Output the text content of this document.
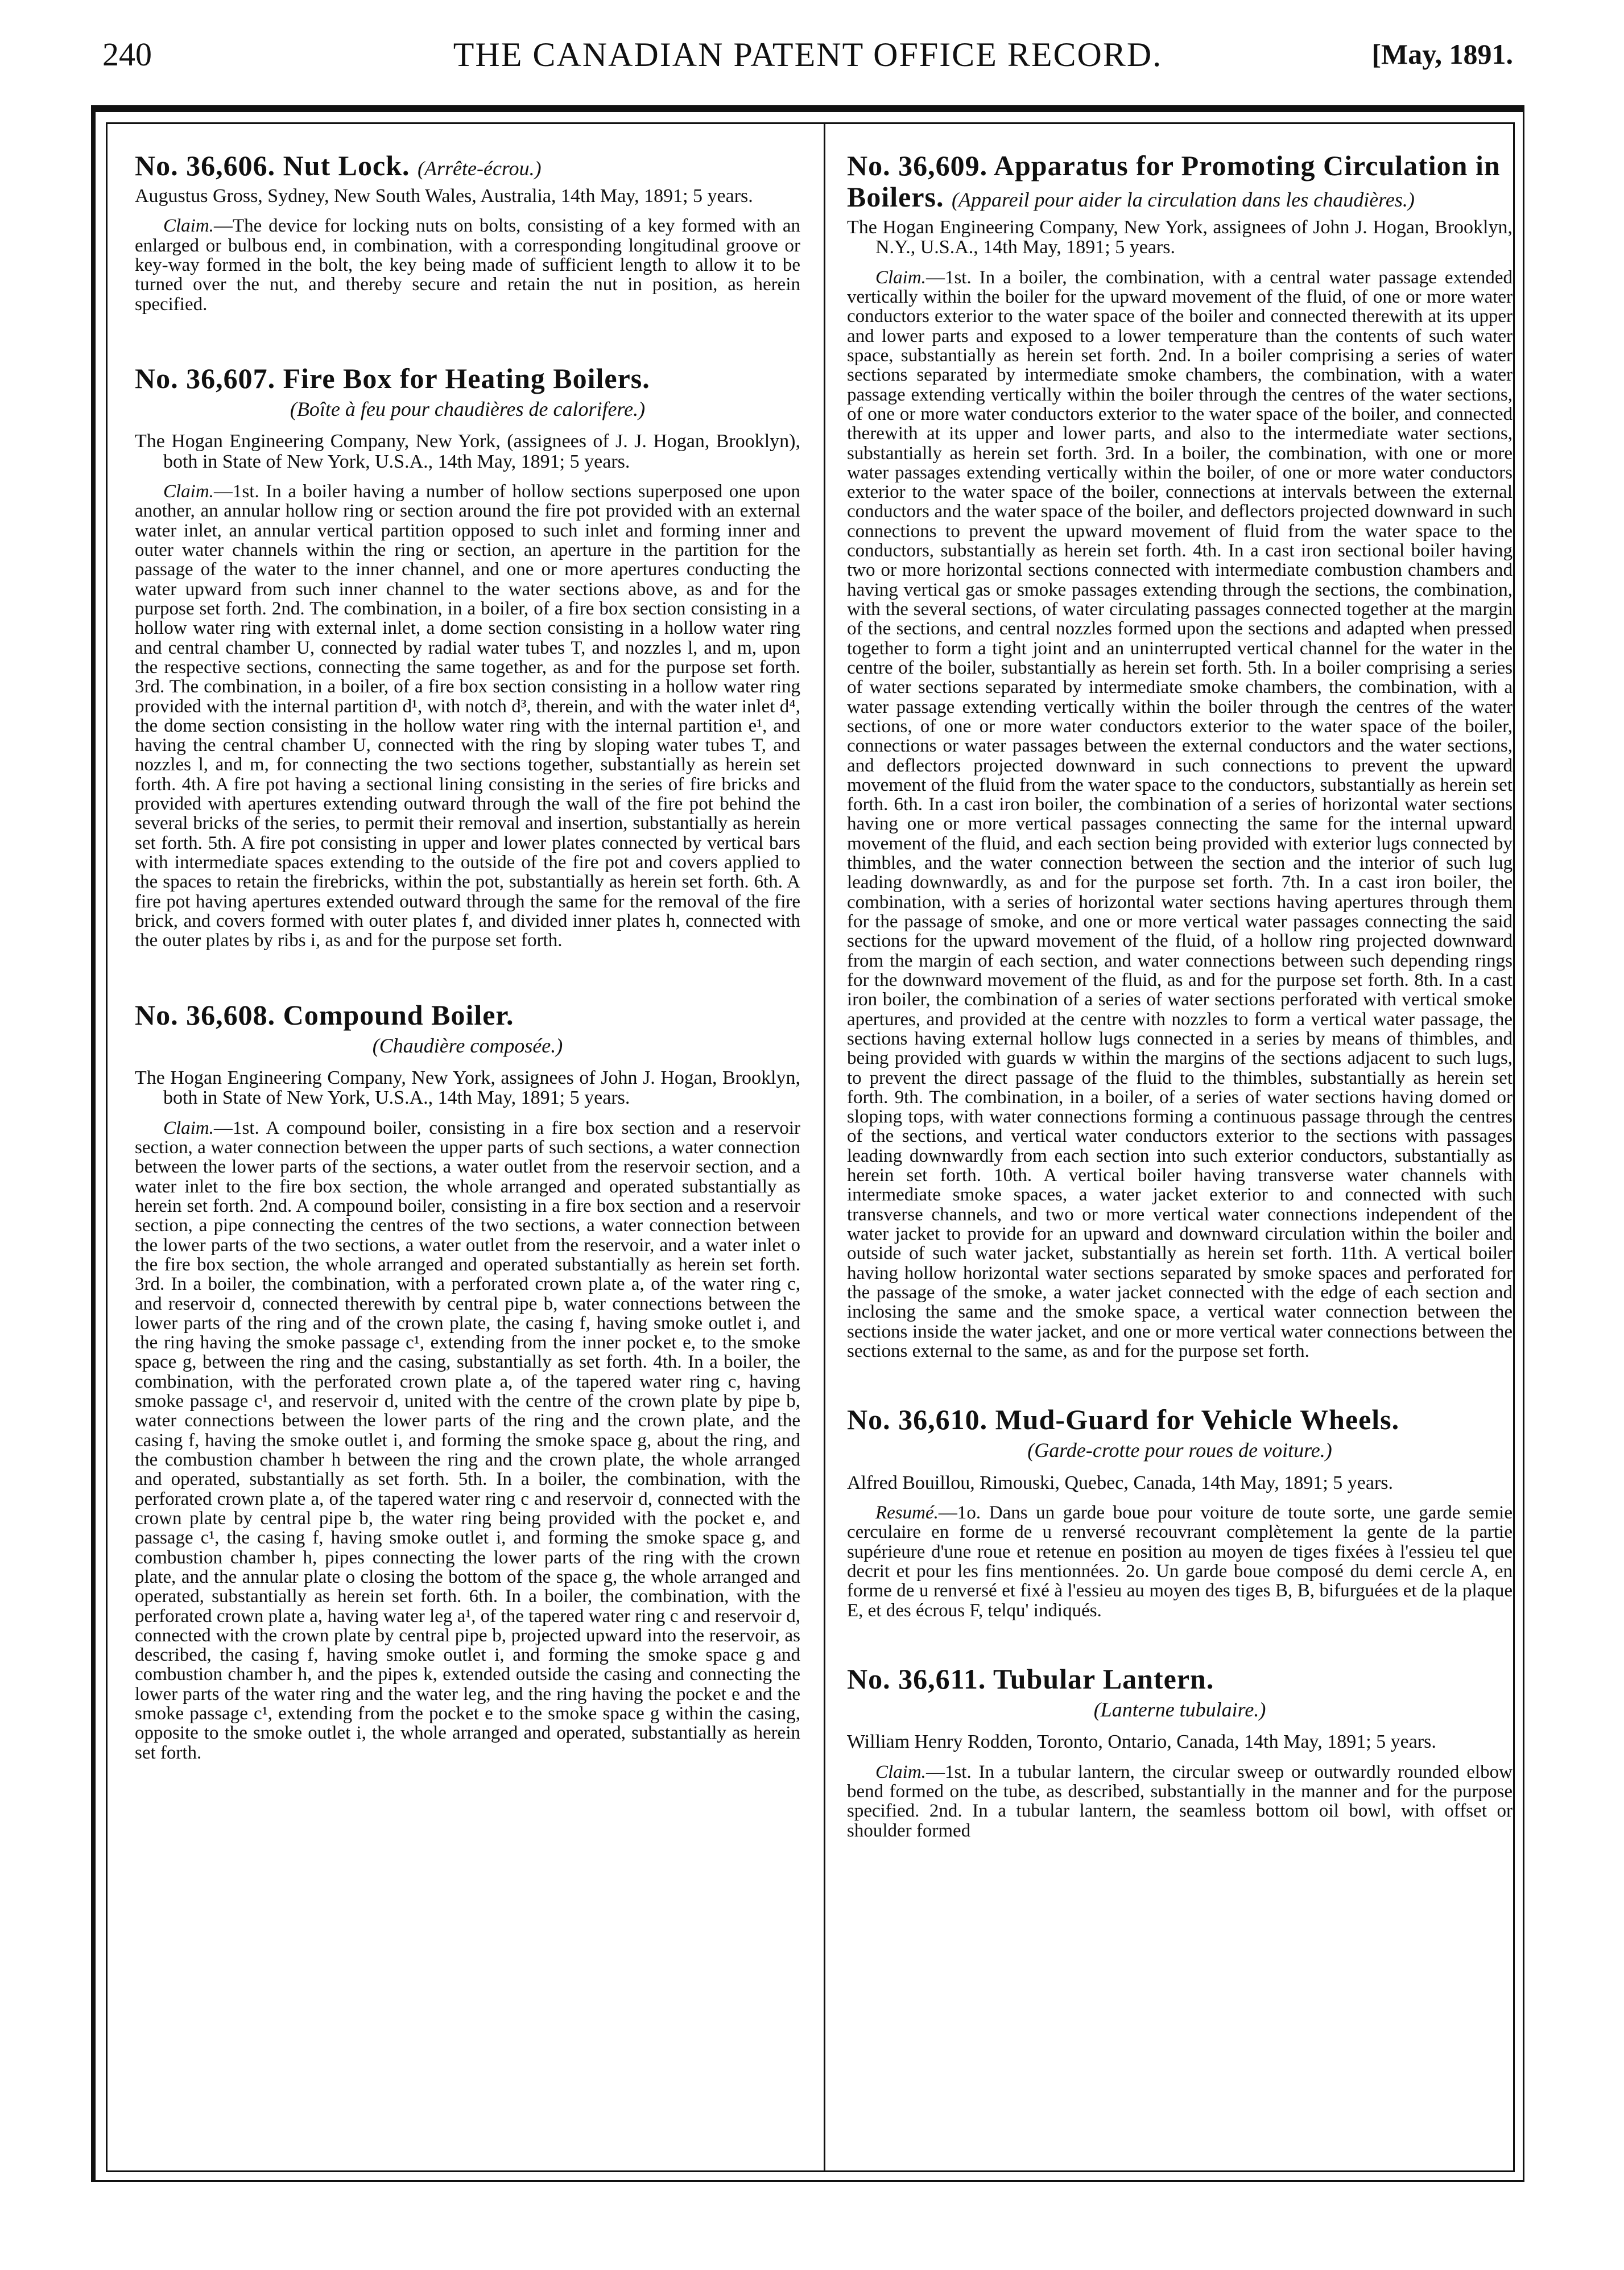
240	THE CANADIAN PATENT OFFICE RECORD.	[May, 1891.
No. 36,606. Nut Lock. (Arrête-écrou.)

Augustus Gross, Sydney, New South Wales, Australia, 14th May, 1891; 5 years.

Claim.—The device for locking nuts on bolts, consisting of a key formed with an enlarged or bulbous end, in combination, with a corresponding longitudinal groove or key-way formed in the bolt, the key being made of sufficient length to allow it to be turned over the nut, and thereby secure and retain the nut in position, as herein specified.

No. 36,607. Fire Box for Heating Boilers.

(Boîte à feu pour chaudières de calorifere.)

The Hogan Engineering Company, New York, (assignees of J. J. Hogan, Brooklyn), both in State of New York, U.S.A., 14th May, 1891; 5 years.

Claim.—1st. In a boiler having a number of hollow sections superposed one upon another, an annular hollow ring or section around the fire pot provided with an external water inlet, an annular vertical partition opposed to such inlet and forming inner and outer water channels within the ring or section, an aperture in the partition for the passage of the water to the inner channel, and one or more apertures conducting the water upward from such inner channel to the water sections above, as and for the purpose set forth. 2nd. The combination, in a boiler, of a fire box section consisting in a hollow water ring with external inlet, a dome section consisting in a hollow water ring and central chamber U, connected by radial water tubes T, and nozzles l, and m, upon the respective sections, connecting the same together, as and for the purpose set forth. 3rd. The combination, in a boiler, of a fire box section consisting in a hollow water ring provided with the internal partition d¹, with notch d³, therein, and with the water inlet d⁴, the dome section consisting in the hollow water ring with the internal partition e¹, and having the central chamber U, connected with the ring by sloping water tubes T, and nozzles l, and m, for connecting the two sections together, substantially as herein set forth. 4th. A fire pot having a sectional lining consisting in the series of fire bricks and provided with apertures extending outward through the wall of the fire pot behind the several bricks of the series, to permit their removal and insertion, substantially as herein set forth. 5th. A fire pot consisting in upper and lower plates connected by vertical bars with intermediate spaces extending to the outside of the fire pot and covers applied to the spaces to retain the firebricks, within the pot, substantially as herein set forth. 6th. A fire pot having apertures extended outward through the same for the removal of the fire brick, and covers formed with outer plates f, and divided inner plates h, connected with the outer plates by ribs i, as and for the purpose set forth.

No. 36,608. Compound Boiler.

(Chaudière composée.)

The Hogan Engineering Company, New York, assignees of John J. Hogan, Brooklyn, both in State of New York, U.S.A., 14th May, 1891; 5 years.

Claim.—1st. A compound boiler, consisting in a fire box section and a reservoir section, a water connection between the upper parts of such sections, a water connection between the lower parts of the sections, a water outlet from the reservoir section, and a water inlet to the fire box section, the whole arranged and operated substantially as herein set forth. 2nd. A compound boiler, consisting in a fire box section and a reservoir section, a pipe connecting the centres of the two sections, a water connection between the lower parts of the two sections, a water outlet from the reservoir, and a water inlet o the fire box section, the whole arranged and operated substantially as herein set forth. 3rd. In a boiler, the combination, with a perforated crown plate a, of the water ring c, and reservoir d, connected therewith by central pipe b, water connections between the lower parts of the ring and of the crown plate, the casing f, having smoke outlet i, and the ring having the smoke passage c¹, extending from the inner pocket e, to the smoke space g, between the ring and the casing, substantially as set forth. 4th. In a boiler, the combination, with the perforated crown plate a, of the tapered water ring c, having smoke passage c¹, and reservoir d, united with the centre of the crown plate by pipe b, water connections between the lower parts of the ring and the crown plate, and the casing f, having the smoke outlet i, and forming the smoke space g, about the ring, and the combustion chamber h between the ring and the crown plate, the whole arranged and operated, substantially as set forth. 5th. In a boiler, the combination, with the perforated crown plate a, of the tapered water ring c and reservoir d, connected with the crown plate by central pipe b, the water ring being provided with the pocket e, and passage c¹, the casing f, having smoke outlet i, and forming the smoke space g, and combustion chamber h, pipes connecting the lower parts of the ring with the crown plate, and the annular plate o closing the bottom of the space g, the whole arranged and operated, substantially as herein set forth. 6th. In a boiler, the combination, with the perforated crown plate a, having water leg a¹, of the tapered water ring c and reservoir d, connected with the crown plate by central pipe b, projected upward into the reservoir, as described, the casing f, having smoke outlet i, and forming the smoke space g and combustion chamber h, and the pipes k, extended outside the casing and connecting the lower parts of the water ring and the water leg, and the ring having the pocket e and the smoke passage c¹, extending from the pocket e to the smoke space g within the casing, opposite to the smoke outlet i, the whole arranged and operated, substantially as herein set forth.

No. 36,609. Apparatus for Promoting Circulation in Boilers. (Appareil pour aider la circulation dans les chaudières.)

The Hogan Engineering Company, New York, assignees of John J. Hogan, Brooklyn, N.Y., U.S.A., 14th May, 1891; 5 years.

Claim.—1st. In a boiler, the combination, with a central water passage extended vertically within the boiler for the upward movement of the fluid, of one or more water conductors exterior to the water space of the boiler and connected therewith at its upper and lower parts and exposed to a lower temperature than the contents of such water space, substantially as herein set forth. 2nd. In a boiler comprising a series of water sections separated by intermediate smoke chambers, the combination, with a water passage extending vertically within the boiler through the centres of the water sections, of one or more water conductors exterior to the water space of the boiler, and connected therewith at its upper and lower parts, and also to the intermediate water sections, substantially as herein set forth. 3rd. In a boiler, the combination, with one or more water passages extending vertically within the boiler, of one or more water conductors exterior to the water space of the boiler, connections at intervals between the external conductors and the water space of the boiler, and deflectors projected downward in such connections to prevent the upward movement of fluid from the water space to the conductors, substantially as herein set forth. 4th. In a cast iron sectional boiler having two or more horizontal sections connected with intermediate combustion chambers and having vertical gas or smoke passages extending through the sections, the combination, with the several sections, of water circulating passages connected together at the margin of the sections, and central nozzles formed upon the sections and adapted when pressed together to form a tight joint and an uninterrupted vertical channel for the water in the centre of the boiler, substantially as herein set forth. 5th. In a boiler comprising a series of water sections separated by intermediate smoke chambers, the combination, with a water passage extending vertically within the boiler through the centres of the water sections, of one or more water conductors exterior to the water space of the boiler, connections or water passages between the external conductors and the water sections, and deflectors projected downward in such connections to prevent the upward movement of the fluid from the water space to the conductors, substantially as herein set forth. 6th. In a cast iron boiler, the combination of a series of horizontal water sections having one or more vertical passages connecting the same for the internal upward movement of the fluid, and each section being provided with exterior lugs connected by thimbles, and the water connection between the section and the interior of such lug leading downwardly, as and for the purpose set forth. 7th. In a cast iron boiler, the combination, with a series of horizontal water sections having apertures through them for the passage of smoke, and one or more vertical water passages connecting the said sections for the upward movement of the fluid, of a hollow ring projected downward from the margin of each section, and water connections between such depending rings for the downward movement of the fluid, as and for the purpose set forth. 8th. In a cast iron boiler, the combination of a series of water sections perforated with vertical smoke apertures, and provided at the centre with nozzles to form a vertical water passage, the sections having external hollow lugs connected in a series by means of thimbles, and being provided with guards w within the margins of the sections adjacent to such lugs, to prevent the direct passage of the fluid to the thimbles, substantially as herein set forth. 9th. The combination, in a boiler, of a series of water sections having domed or sloping tops, with water connections forming a continuous passage through the centres of the sections, and vertical water conductors exterior to the sections with passages leading downwardly from each section into such exterior conductors, substantially as herein set forth. 10th. A vertical boiler having transverse water channels with intermediate smoke spaces, a water jacket exterior to and connected with such transverse channels, and two or more vertical water connections independent of the water jacket to provide for an upward and downward circulation within the boiler and outside of such water jacket, substantially as herein set forth. 11th. A vertical boiler having hollow horizontal water sections separated by smoke spaces and perforated for the passage of the smoke, a water jacket connected with the edge of each section and inclosing the same and the smoke space, a vertical water connection between the sections inside the water jacket, and one or more vertical water connections between the sections external to the same, as and for the purpose set forth.

No. 36,610. Mud-Guard for Vehicle Wheels.

(Garde-crotte pour roues de voiture.)

Alfred Bouillou, Rimouski, Quebec, Canada, 14th May, 1891; 5 years.

Resumé.—1o. Dans un garde boue pour voiture de toute sorte, une garde semie cerculaire en forme de u renversé recouvrant complètement la gente de la partie supérieure d'une roue et retenue en position au moyen de tiges fixées à l'essieu tel que decrit et pour les fins mentionnées. 2o. Un garde boue composé du demi cercle A, en forme de u renversé et fixé à l'essieu au moyen des tiges B, B, bifurguées et de la plaque E, et des écrous F, telqu' indiqués.

No. 36,611. Tubular Lantern.

(Lanterne tubulaire.)

William Henry Rodden, Toronto, Ontario, Canada, 14th May, 1891; 5 years.

Claim.—1st. In a tubular lantern, the circular sweep or outwardly rounded elbow bend formed on the tube, as described, substantially in the manner and for the purpose specified. 2nd. In a tubular lantern, the seamless bottom oil bowl, with offset or shoulder formed
